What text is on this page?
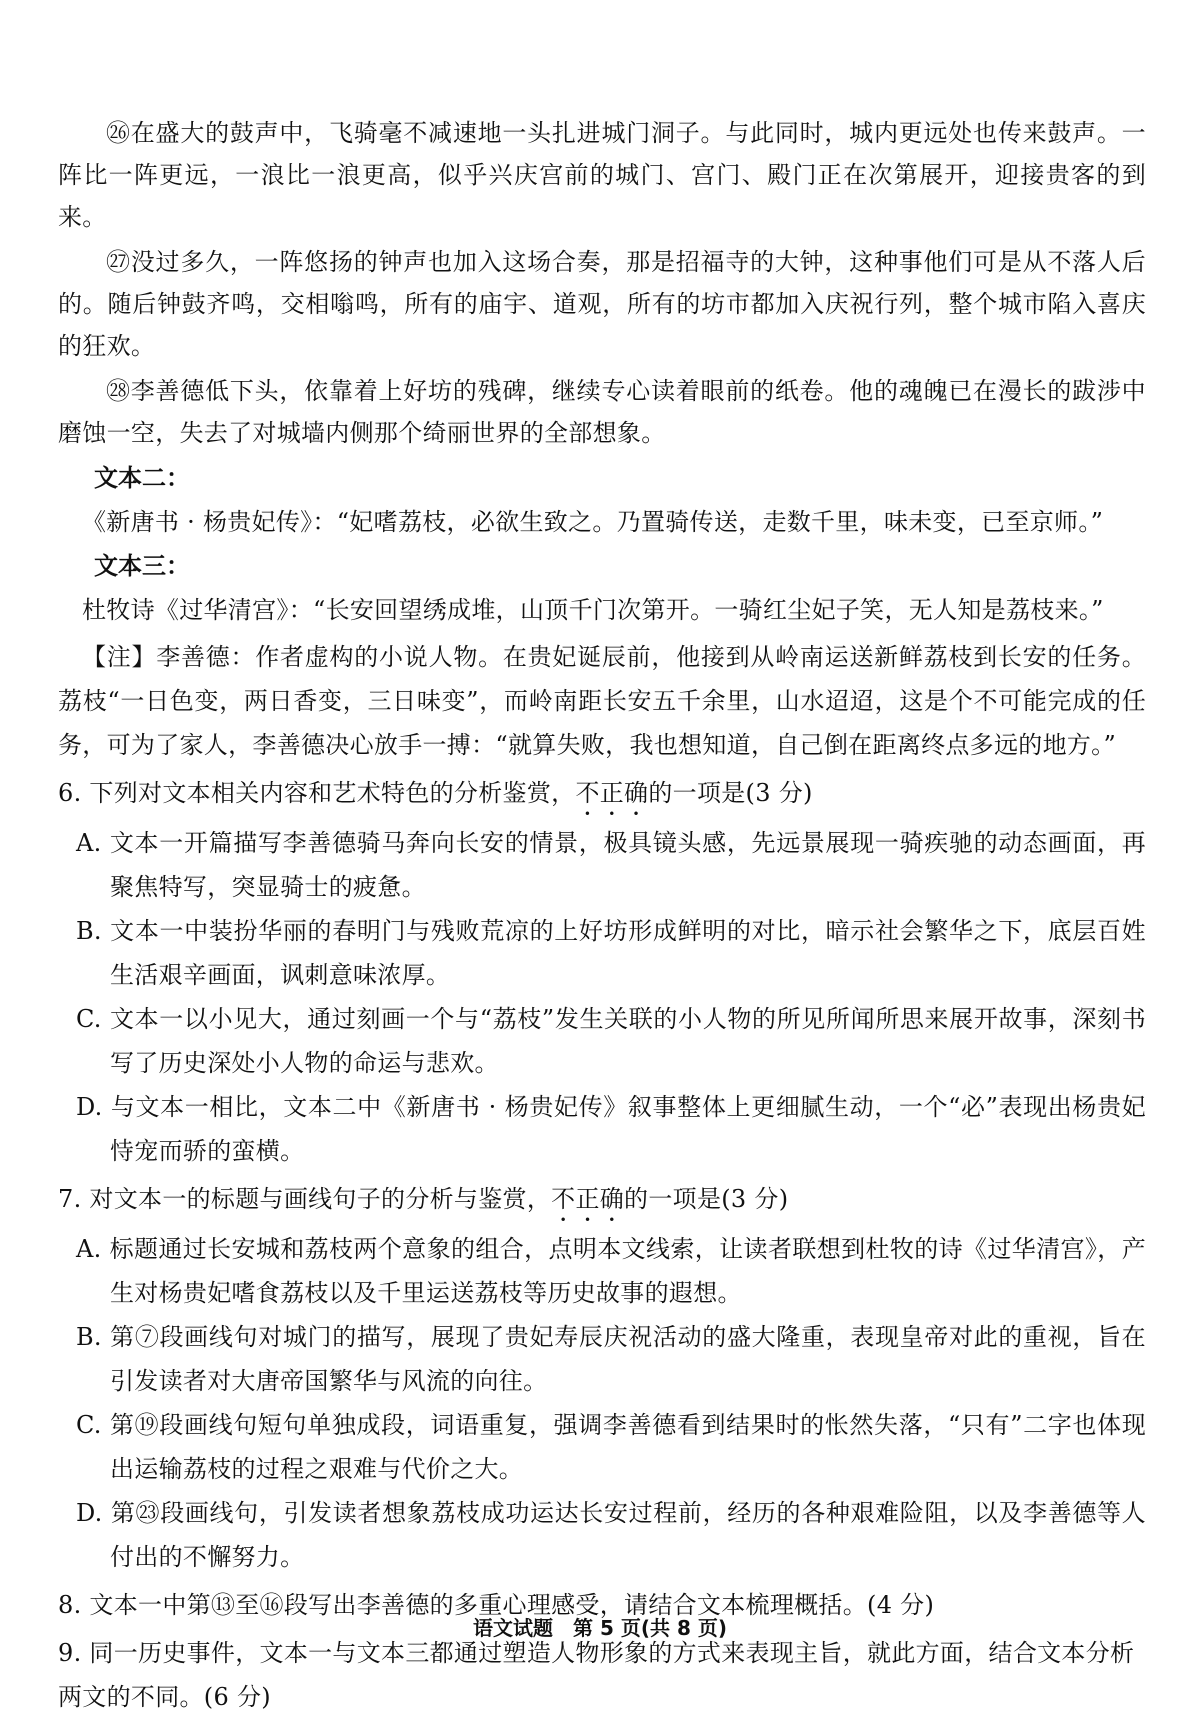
㉖在盛大的鼓声中，飞骑毫不减速地一头扎进城门洞子。与此同时，城内更远处也传来鼓声。一阵比一阵更远，一浪比一浪更高，似乎兴庆宫前的城门、宫门、殿门正在次第展开，迎接贵客的到来。

㉗没过多久，一阵悠扬的钟声也加入这场合奏，那是招福寺的大钟，这种事他们可是从不落人后的。随后钟鼓齐鸣，交相嗡鸣，所有的庙宇、道观，所有的坊市都加入庆祝行列，整个城市陷入喜庆的狂欢。

㉘李善德低下头，依靠着上好坊的残碑，继续专心读着眼前的纸卷。他的魂魄已在漫长的跋涉中磨蚀一空，失去了对城墙内侧那个绮丽世界的全部想象。

文本二：
《新唐书 · 杨贵妃传》：“妃嗜荔枝，必欲生致之。乃置骑传送，走数千里，味未变，已至京师。”
文本三：
杜牧诗《过华清宫》：“长安回望绣成堆，山顶千门次第开。一骑红尘妃子笑，无人知是荔枝来。”

【注】李善德：作者虚构的小说人物。在贵妃诞辰前，他接到从岭南运送新鲜荔枝到长安的任务。荔枝“一日色变，两日香变，三日味变”，而岭南距长安五千余里，山水迢迢，这是个不可能完成的任务，可为了家人，李善德决心放手一搏：“就算失败，我也想知道，自己倒在距离终点多远的地方。”

6. 下列对文本相关内容和艺术特色的分析鉴赏，不正确的一项是(3 分)

A. 文本一开篇描写李善德骑马奔向长安的情景，极具镜头感，先远景展现一骑疾驰的动态画面，再聚焦特写，突显骑士的疲惫。

B. 文本一中装扮华丽的春明门与残败荒凉的上好坊形成鲜明的对比，暗示社会繁华之下，底层百姓生活艰辛画面，讽刺意味浓厚。

C. 文本一以小见大，通过刻画一个与“荔枝”发生关联的小人物的所见所闻所思来展开故事，深刻书写了历史深处小人物的命运与悲欢。

D. 与文本一相比，文本二中《新唐书 · 杨贵妃传》叙事整体上更细腻生动，一个“必”表现出杨贵妃恃宠而骄的蛮横。

7. 对文本一的标题与画线句子的分析与鉴赏，不正确的一项是(3 分)

A. 标题通过长安城和荔枝两个意象的组合，点明本文线索，让读者联想到杜牧的诗《过华清宫》，产生对杨贵妃嗜食荔枝以及千里运送荔枝等历史故事的遐想。

B. 第⑦段画线句对城门的描写，展现了贵妃寿辰庆祝活动的盛大隆重，表现皇帝对此的重视，旨在引发读者对大唐帝国繁华与风流的向往。

C. 第⑲段画线句短句单独成段，词语重复，强调李善德看到结果时的怅然失落，“只有”二字也体现出运输荔枝的过程之艰难与代价之大。

D. 第㉓段画线句，引发读者想象荔枝成功运达长安过程前，经历的各种艰难险阻，以及李善德等人付出的不懈努力。

8. 文本一中第⑬至⑯段写出李善德的多重心理感受，请结合文本梳理概括。(4 分)
9. 同一历史事件，文本一与文本三都通过塑造人物形象的方式来表现主旨，就此方面，结合文本分析两文的不同。(6 分)
语文试题　第 5 页(共 8 页)
